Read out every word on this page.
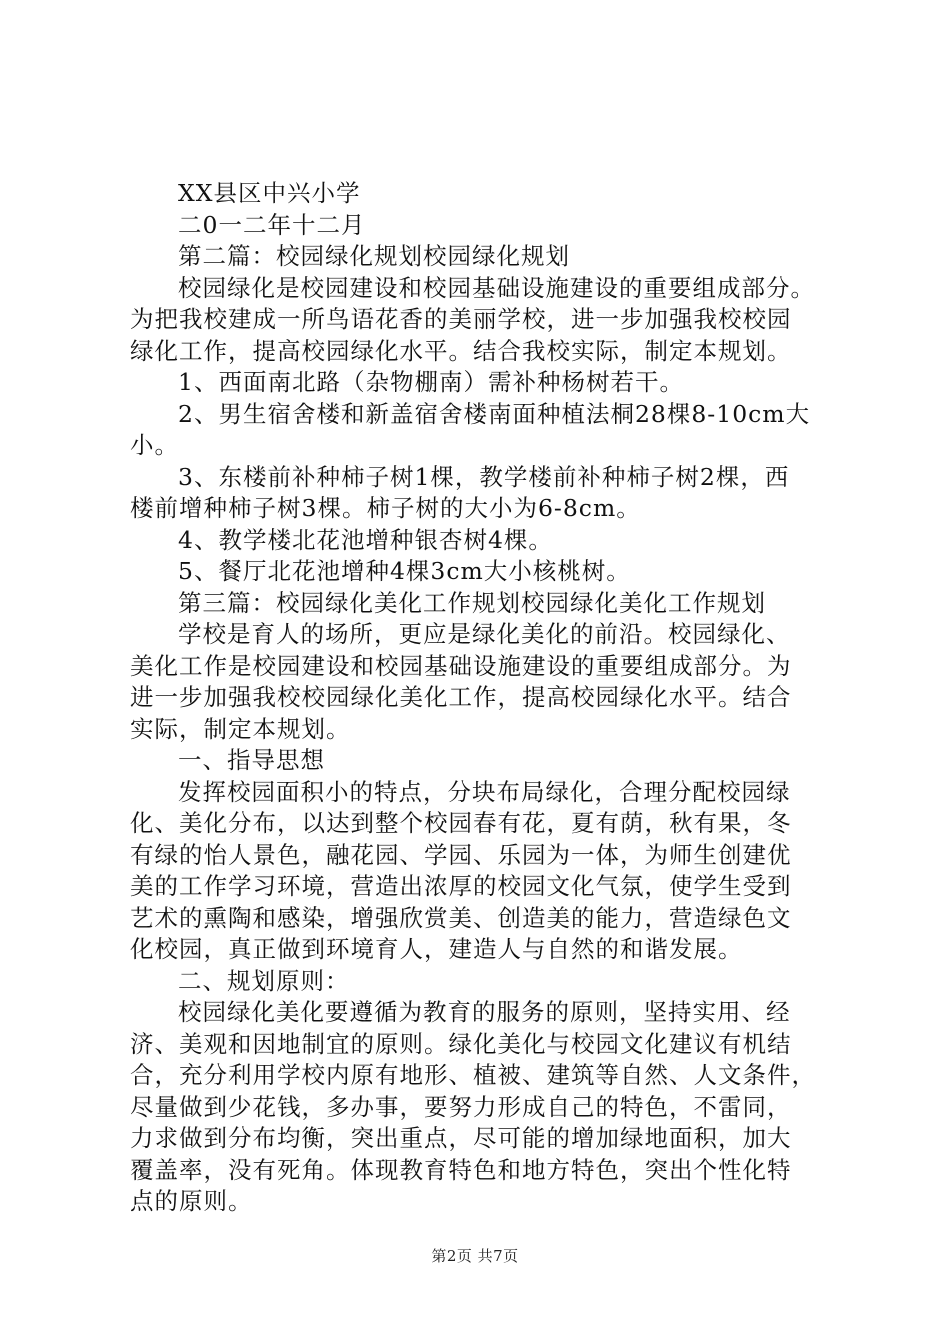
XX县区中兴小学
二0一二年十二月
第二篇：校园绿化规划校园绿化规划
校园绿化是校园建设和校园基础设施建设的重要组成部分。
为把我校建成一所鸟语花香的美丽学校，进一步加强我校校园
绿化工作，提高校园绿化水平。结合我校实际，制定本规划。
1、西面南北路（杂物棚南）需补种杨树若干。
2、男生宿舍楼和新盖宿舍楼南面种植法桐28棵8-10cm大
小。
3、东楼前补种柿子树1棵，教学楼前补种柿子树2棵，西
楼前增种柿子树3棵。柿子树的大小为6-8cm。
4、教学楼北花池增种银杏树4棵。
5、餐厅北花池增种4棵3cm大小核桃树。
第三篇：校园绿化美化工作规划校园绿化美化工作规划
学校是育人的场所，更应是绿化美化的前沿。校园绿化、
美化工作是校园建设和校园基础设施建设的重要组成部分。为
进一步加强我校校园绿化美化工作，提高校园绿化水平。结合
实际，制定本规划。
一、指导思想
发挥校园面积小的特点，分块布局绿化，合理分配校园绿
化、美化分布，以达到整个校园春有花，夏有荫，秋有果，冬
有绿的怡人景色，融花园、学园、乐园为一体，为师生创建优
美的工作学习环境，营造出浓厚的校园文化气氛，使学生受到
艺术的熏陶和感染，增强欣赏美、创造美的能力，营造绿色文
化校园，真正做到环境育人，建造人与自然的和谐发展。
二、规划原则：
校园绿化美化要遵循为教育的服务的原则，坚持实用、经
济、美观和因地制宜的原则。绿化美化与校园文化建议有机结
合，充分利用学校内原有地形、植被、建筑等自然、人文条件，
尽量做到少花钱，多办事，要努力形成自己的特色，不雷同，
力求做到分布均衡，突出重点，尽可能的增加绿地面积，加大
覆盖率，没有死角。体现教育特色和地方特色，突出个性化特
点的原则。
第2页 共7页
